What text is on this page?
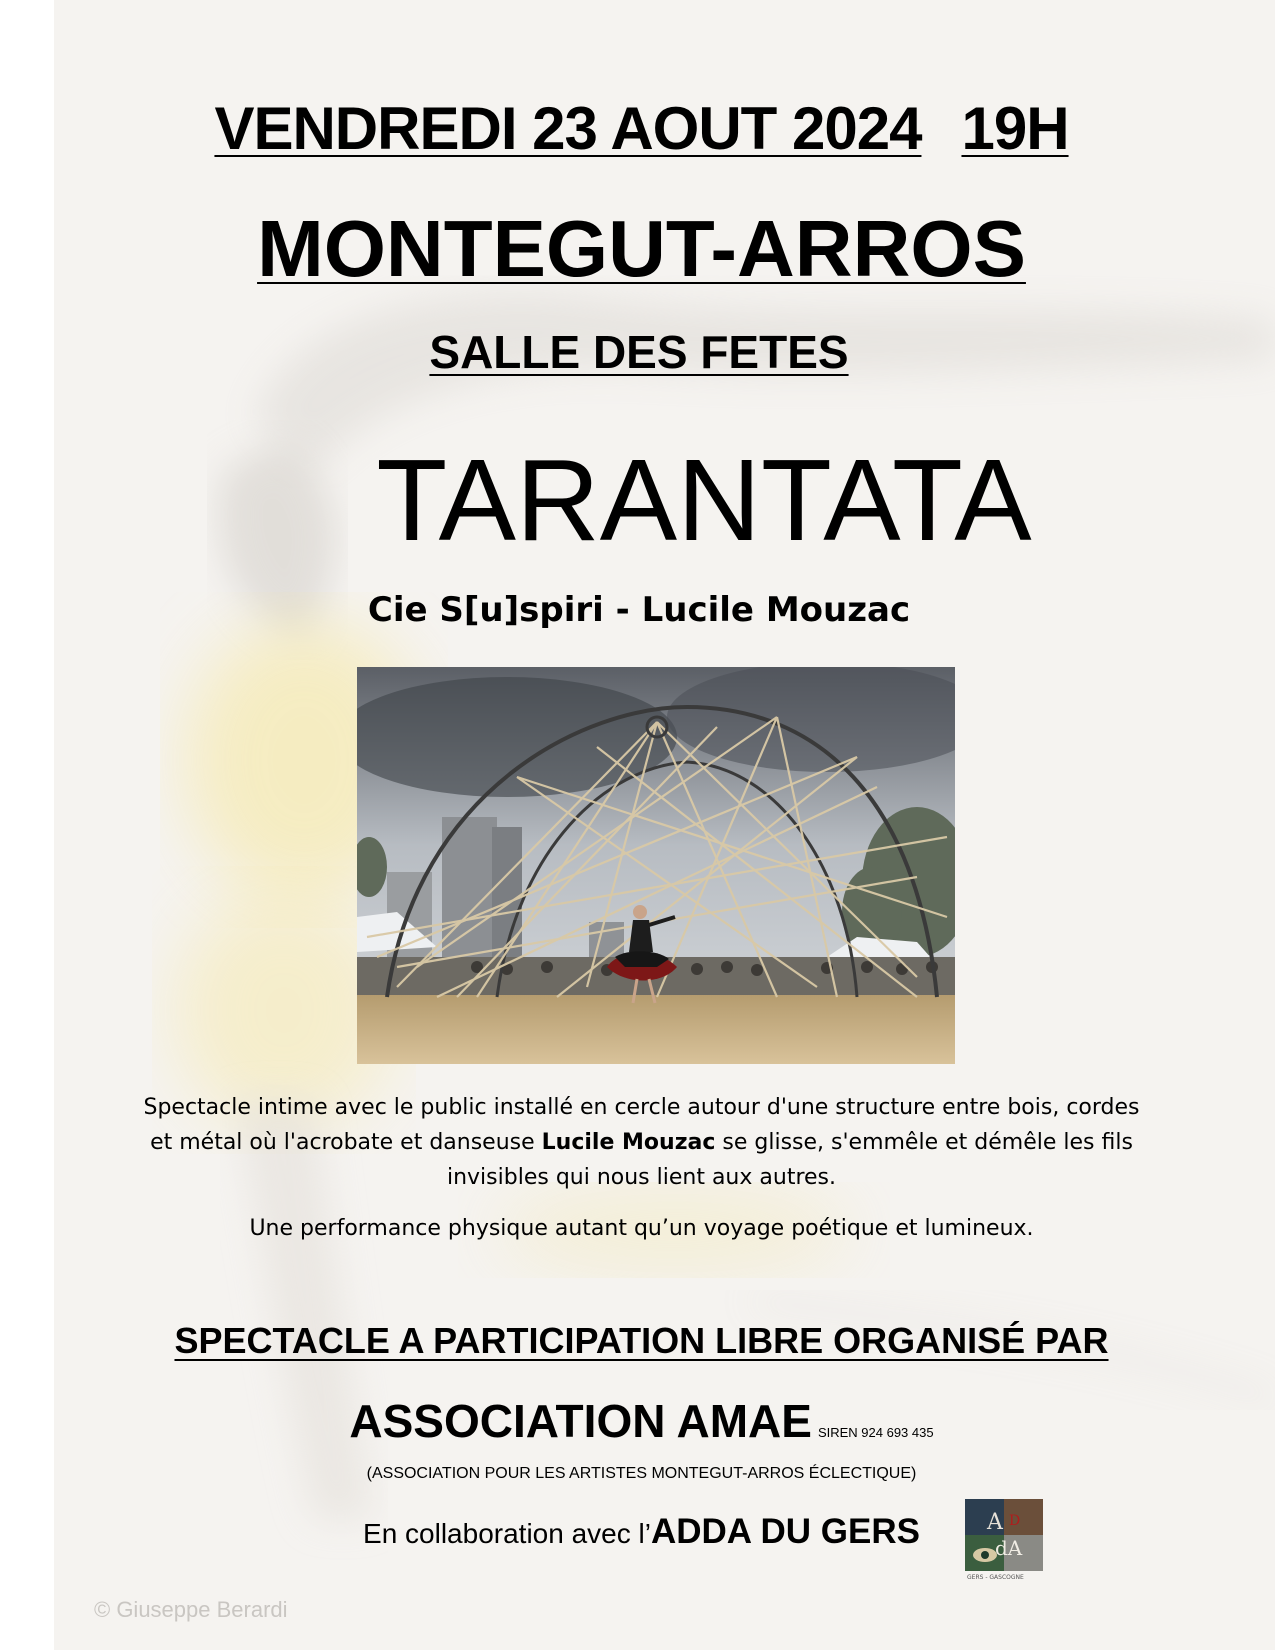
VENDREDI 23 AOUT 2024 19H
MONTEGUT-ARROS
SALLE DES FETES
TARANTATA
Cie S[u]spiri - Lucile Mouzac

Spectacle intime avec le public installé en cercle autour d'une structure entre bois, cordes et métal où l'acrobate et danseuse Lucile Mouzac se glisse, s'emmêle et démêle les fils invisibles qui nous lient aux autres.

Une performance physique autant qu’un voyage poétique et lumineux.

SPECTACLE A PARTICIPATION LIBRE ORGANISÉ PAR
ASSOCIATION AMAE SIREN 924 693 435
(ASSOCIATION POUR LES ARTISTES MONTEGUT-ARROS ÉCLECTIQUE)
En collaboration avec l’ADDA DU GERS	A D
dA
GERS - GASCOGNE
© Giuseppe Berardi
